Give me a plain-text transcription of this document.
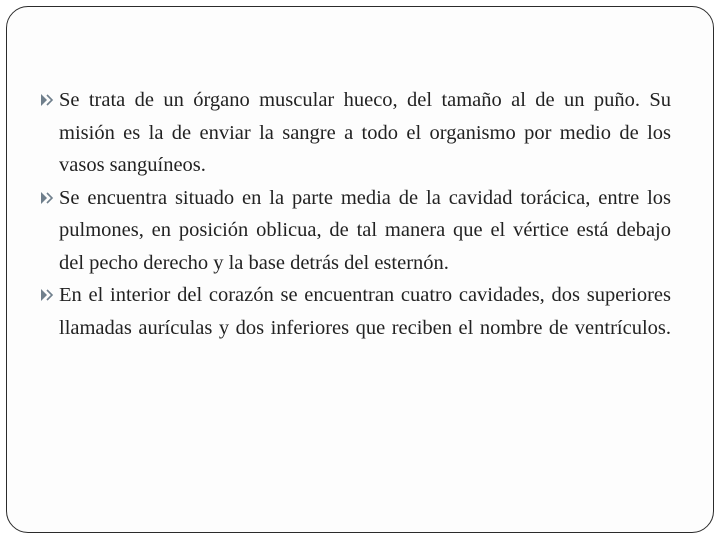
Se trata de un órgano muscular hueco, del tamaño al de un puño. Su misión es la de enviar la sangre a todo el organismo por medio de los vasos sanguíneos.
Se encuentra situado en la parte media de la cavidad torácica, entre los pulmones, en posición oblicua, de tal manera que el vértice está debajo del pecho derecho y la base detrás del esternón.
En el interior del corazón se encuentran cuatro cavidades, dos superiores llamadas aurículas y dos inferiores que reciben el nombre de ventrículos.
